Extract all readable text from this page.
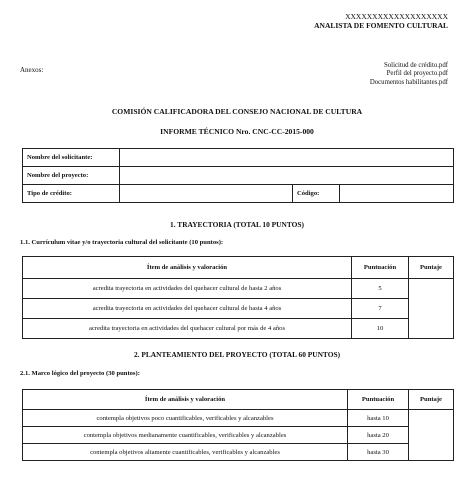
XXXXXXXXXXXXXXXXXXX
ANALISTA DE FOMENTO CULTURAL
Anexos:
Solicitud de crédito.pdf
Perfil del proyecto.pdf
Documentos habilitantes.pdf
COMISIÓN CALIFICADORA DEL CONSEJO NACIONAL DE CULTURA
INFORME TÉCNICO Nro. CNC-CC-2015-000
Nombre del solicitante:			
Nombre del proyecto:			
Tipo de crédito:		Código:	
1. TRAYECTORIA (TOTAL 10 PUNTOS)
1.1. Currículum vitae y/o trayectoria cultural del solicitante (10 puntos):
Ítem de análisis y valoración	Puntuación	Puntaje
acredita trayectoria en actividades del quehacer cultural de hasta 2 años	5	
acredita trayectoria en actividades del quehacer cultural de hasta 4 años	7	
acredita trayectoria en actividades del quehacer cultural por más de 4 años	10	
2. PLANTEAMIENTO DEL PROYECTO (TOTAL 60 PUNTOS)
2.1. Marco lógico del proyecto (30 puntos):
Ítem de análisis y valoración	Puntuación	Puntaje
contempla objetivos poco cuantificables, verificables y alcanzables	hasta 10	
contempla objetivos medianamente cuantificables, verificables y alcanzables	hasta 20	
contempla objetivos altamente cuantificables, verificables y alcanzables	hasta 30	
